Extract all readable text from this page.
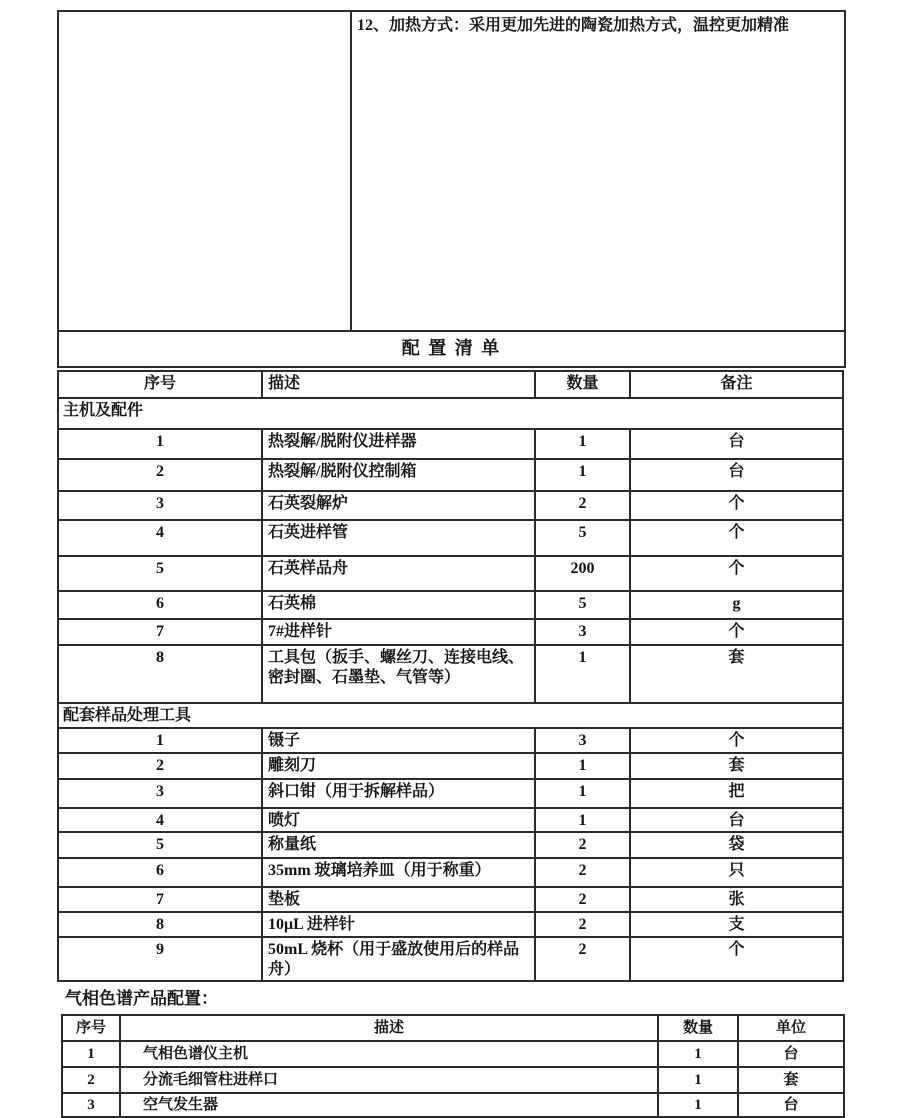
12、加热方式：采用更加先进的陶瓷加热方式，温控更加精准
配 置 清 单
序号	描述	数量	备注
主机及配件			
1	热裂解/脱附仪进样器	1	台
2	热裂解/脱附仪控制箱	1	台
3	石英裂解炉	2	个
4	石英进样管	5	个
5	石英样品舟	200	个
6	石英棉	5	g
7	7#进样针	3	个
8	工具包（扳手、螺丝刀、连接电线、密封圈、石墨垫、气管等）	1	套
配套样品处理工具			
1	镊子	3	个
2	雕刻刀	1	套
3	斜口钳（用于拆解样品）	1	把
4	喷灯	1	台
5	称量纸	2	袋
6	35mm 玻璃培养皿（用于称重）	2	只
7	垫板	2	张
8	10μL 进样针	2	支
9	50mL 烧杯（用于盛放使用后的样品舟）	2	个
气相色谱产品配置：
序号	描述	数量	单位
1	气相色谱仪主机	1	台
2	分流毛细管柱进样口	1	套
3	空气发生器	1	台
